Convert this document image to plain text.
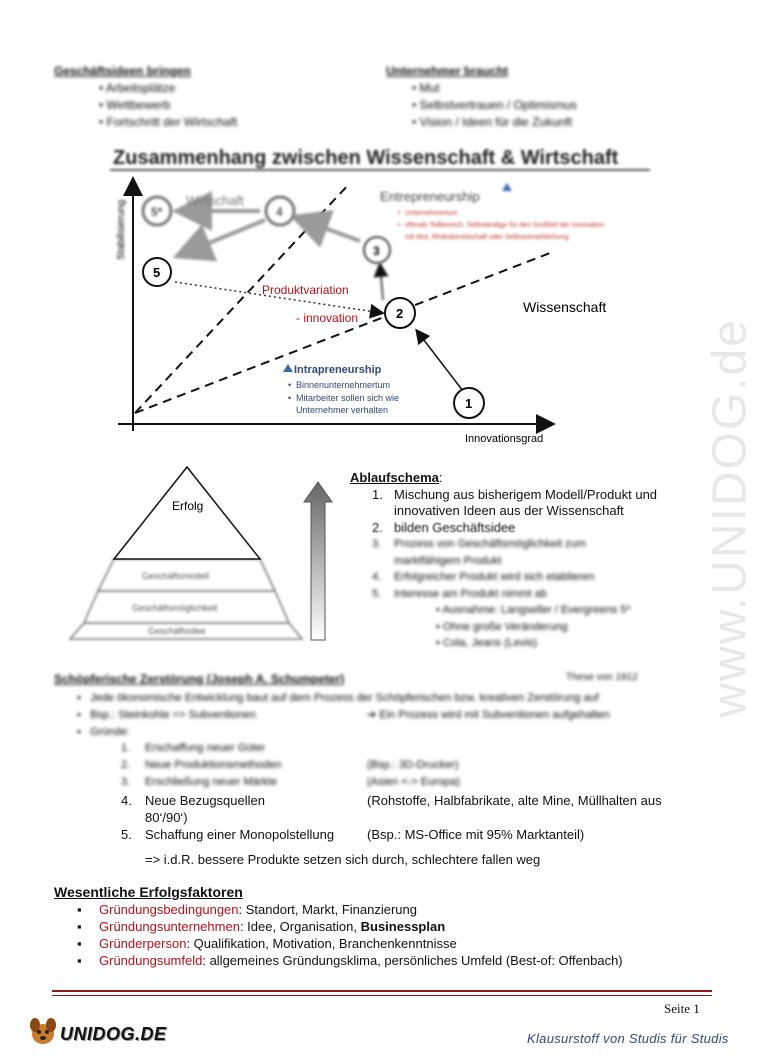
Geschäftsideen bringen
• Arbeitsplätze
• Wettbewerb
• Fortschritt der Wirtschaft
Unternehmer braucht
• Mut
• Selbstvertrauen / Optimismus
• Vision / Ideen für die Zukunft
Zusammenhang zwischen Wissenschaft & Wirtschaft
Stabilisierung
Innovationsgrad
5*	4
3
Wirtschaft
5
2
1
Wissenschaft
Produktvariation
- innovation
Entrepreneurship
Unternehmertum
oftmals Teilbereich, Selbständige für den Großteil der Innovation
mit Mut, Risikobereitschaft oder Selbstverwirklichung
•
•
Intrapreneurship
• Binnenunternehmertum
• Mitarbeiter sollen sich wie
Unternehmer verhalten
Geschäftsmodell
Geschäftsmöglichkeit
Geschäftsidee
Erfolg
Ablaufschema:
1. Mischung aus bisherigem Modell/Produkt und
innovativen Ideen aus der Wissenschaft
2. bilden Geschäftsidee
3. Prozess von Geschäftsmöglichkeit zum
marktfähigem Produkt
4. Erfolgreicher Produkt wird sich etablieren
5. Interesse am Produkt nimmt ab
• Ausnahme: Langseller / Evergreens 5*
• Ohne große Veränderung
• Cola, Jeans (Levis)
Schöpferische Zerstörung (Joseph A. Schumpeter)	These von 1912
▪   Jede ökonomische Entwicklung baut auf dem Prozess der Schöpferischen bzw. kreativen Zerstörung auf
▪   Bsp.: Steinkohle => Subventionen	➔ Ein Prozess wird mit Subventionen aufgehalten
▪   Gründe:
1. Erschaffung neuer Güter
2. Neue Produktionsmethoden	(Bsp.: 3D-Drucker)
3. Erschließung neuer Märkte	(Asien <-> Europa)
4. Neue Bezugsquellen	(Rohstoffe, Halbfabrikate, alte Mine, Müllhalten aus
80‘/90‘)

5. Schaffung einer Monopolstellung	(Bsp.: MS-Office mit 95% Marktanteil)
=> i.d.R. bessere Produkte setzen sich durch, schlechtere fallen weg
Wesentliche Erfolgsfaktoren
Gründungsbedingungen: Standort, Markt, Finanzierung
Gründungsunternehmen: Idee, Organisation, Businessplan
Gründerperson: Qualifikation, Motivation, Branchenkenntnisse
Gründungsumfeld: allgemeines Gründungsklima, persönliches Umfeld (Best-of: Offenbach)
www.UNIDOG.de
Seite 1
UNIDOG.DE	Klausurstoff von Studis für Studis
